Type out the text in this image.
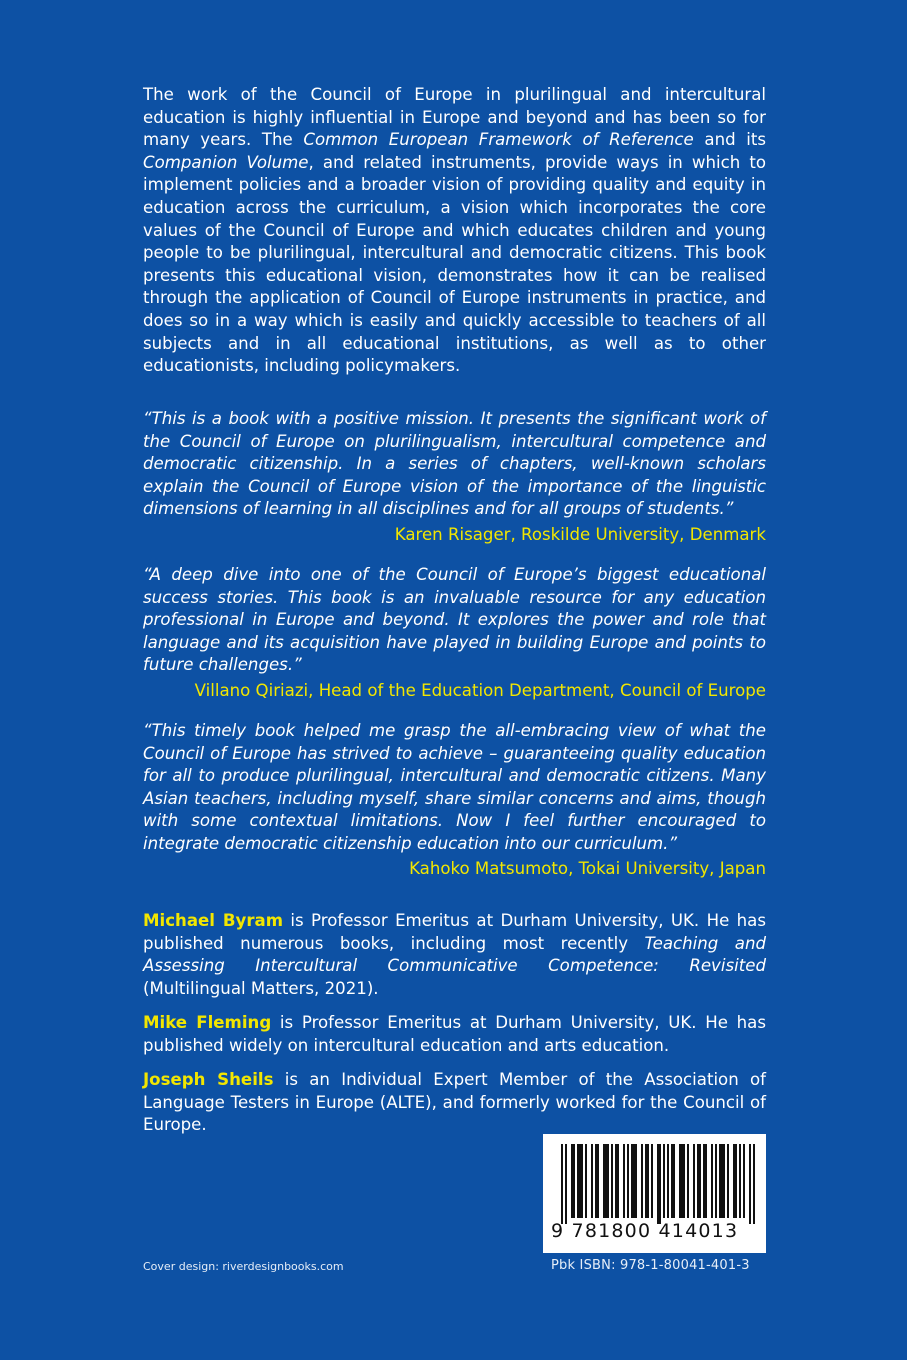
The work of the Council of Europe in plurilingual and intercultural education is highly influential in Europe and beyond and has been so for many years. The Common European Framework of Reference and its Companion Volume, and related instruments, provide ways in which to implement policies and a broader vision of providing quality and equity in education across the curriculum, a vision which incorporates the core values of the Council of Europe and which educates children and young people to be plurilingual, intercultural and democratic citizens. This book presents this educational vision, demonstrates how it can be realised through the application of Council of Europe instruments in practice, and does so in a way which is easily and quickly accessible to teachers of all subjects and in all educational institutions, as well as to other educationists, including policymakers.

“This is a book with a positive mission. It presents the significant work of the Council of Europe on plurilingualism, intercultural competence and democratic citizenship. In a series of chapters, well-known scholars explain the Council of Europe vision of the importance of the linguistic dimensions of learning in all disciplines and for all groups of students.”

Karen Risager, Roskilde University, Denmark

“A deep dive into one of the Council of Europe’s biggest educational success stories. This book is an invaluable resource for any education professional in Europe and beyond. It explores the power and role that language and its acquisition have played in building Europe and points to future challenges.”

Villano Qiriazi, Head of the Education Department, Council of Europe

“This timely book helped me grasp the all-embracing view of what the Council of Europe has strived to achieve – guaranteeing quality education for all to produce plurilingual, intercultural and democratic citizens. Many Asian teachers, including myself, share similar concerns and aims, though with some contextual limitations. Now I feel further encouraged to integrate democratic citizenship education into our curriculum.”

Kahoko Matsumoto, Tokai University, Japan

Michael Byram is Professor Emeritus at Durham University, UK. He has published numerous books, including most recently Teaching and Assessing Intercultural Communicative Competence: Revisited (Multilingual Matters, 2021).

Mike Fleming is Professor Emeritus at Durham University, UK. He has published widely on intercultural education and arts education.

Joseph Sheils is an Individual Expert Member of the Association of Language Testers in Europe (ALTE), and formerly worked for the Council of Europe.

9 781800 414013
Cover design: riverdesignbooks.com	Pbk ISBN: 978-1-80041-401-3
